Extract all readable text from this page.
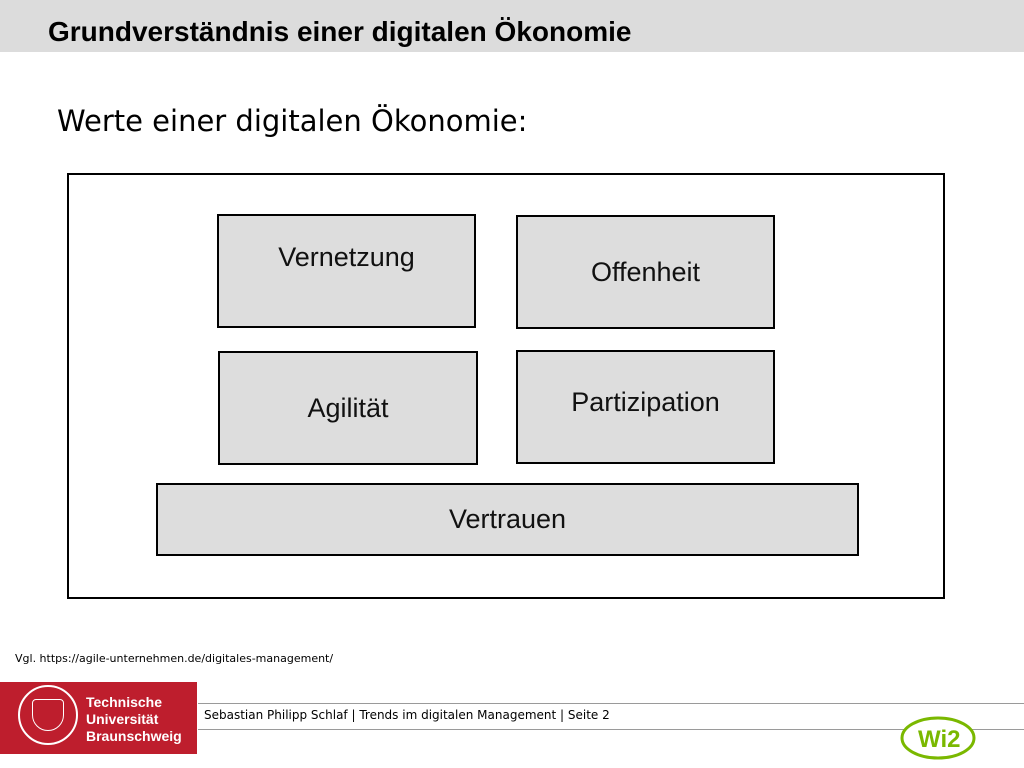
Grundverständnis einer digitalen Ökonomie
Werte einer digitalen Ökonomie:
Vernetzung	Offenheit
Agilität	Partizipation
Vertrauen
Vgl. https://agile-unternehmen.de/digitales-management/
Technische
Universität
Braunschweig
Sebastian Philipp Schlaf | Trends im digitalen Management | Seite 2
Wi2
